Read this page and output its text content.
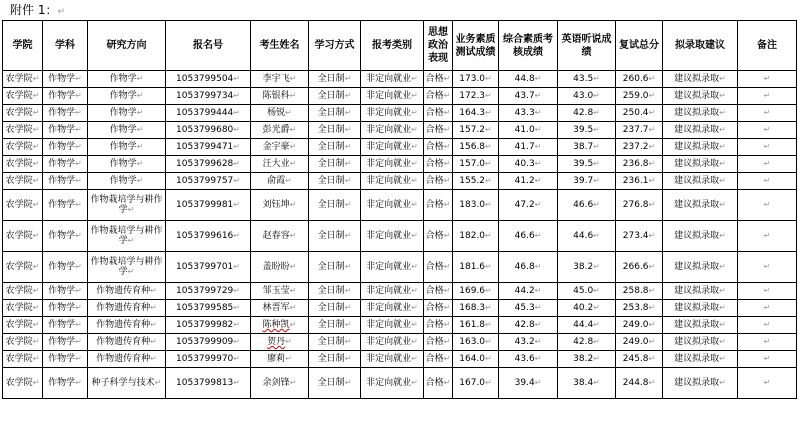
附件 1：↵
学院	学科	研究方向	报名号	考生姓名	学习方式	报考类别	思想政治表现	业务素质测试成绩	综合素质考核成绩	英语听说成绩	复试总分	拟录取建议	备注
农学院↵	作物学↵	作物学↵	1053799504↵	李宇飞↵	全日制↵	非定向就业↵	合格↵	173.0↵	44.8↵	43.5↵	260.6↵	建议拟录取↵	↵
农学院↵	作物学↵	作物学↵	1053799734↵	陈银科↵	全日制↵	非定向就业↵	合格↵	172.3↵	43.7↵	43.0↵	259.0↵	建议拟录取↵	↵
农学院↵	作物学↵	作物学↵	1053799444↵	杨锐↵	全日制↵	非定向就业↵	合格↵	164.3↵	43.3↵	42.8↵	250.4↵	建议拟录取↵	↵
农学院↵	作物学↵	作物学↵	1053799680↵	彭光爵↵	全日制↵	非定向就业↵	合格↵	157.2↵	41.0↵	39.5↵	237.7↵	建议拟录取↵	↵
农学院↵	作物学↵	作物学↵	1053799471↵	金宇豪↵	全日制↵	非定向就业↵	合格↵	156.8↵	41.7↵	38.7↵	237.2↵	建议拟录取↵	↵
农学院↵	作物学↵	作物学↵	1053799628↵	汪大业↵	全日制↵	非定向就业↵	合格↵	157.0↵	40.3↵	39.5↵	236.8↵	建议拟录取↵	↵
农学院↵	作物学↵	作物学↵	1053799757↵	俞霞↵	全日制↵	非定向就业↵	合格↵	155.2↵	41.2↵	39.7↵	236.1↵	建议拟录取↵	↵
农学院↵	作物学↵	作物栽培学与耕作学↵	1053799981↵	刘钰坤↵	全日制↵	非定向就业↵	合格↵	183.0↵	47.2↵	46.6↵	276.8↵	建议拟录取↵	↵
农学院↵	作物学↵	作物栽培学与耕作学↵	1053799616↵	赵春容↵	全日制↵	非定向就业↵	合格↵	182.0↵	46.6↵	44.6↵	273.4↵	建议拟录取↵	↵
农学院↵	作物学↵	作物栽培学与耕作学↵	1053799701↵	盖盼盼↵	全日制↵	非定向就业↵	合格↵	181.6↵	46.8↵	38.2↵	266.6↵	建议拟录取↵	↵
农学院↵	作物学↵	作物遗传育种↵	1053799729↵	邹玉莹↵	全日制↵	非定向就业↵	合格↵	169.6↵	44.2↵	45.0↵	258.8↵	建议拟录取↵	↵
农学院↵	作物学↵	作物遗传育种↵	1053799585↵	林晋军↵	全日制↵	非定向就业↵	合格↵	168.3↵	45.3↵	40.2↵	253.8↵	建议拟录取↵	↵
农学院↵	作物学↵	作物遗传育种↵	1053799982↵	陈种凯↵	全日制↵	非定向就业↵	合格↵	161.8↵	42.8↵	44.4↵	249.0↵	建议拟录取↵	↵
农学院↵	作物学↵	作物遗传育种↵	1053799909↵	贺丹↵	全日制↵	非定向就业↵	合格↵	163.0↵	43.2↵	42.8↵	249.0↵	建议拟录取↵	↵
农学院↵	作物学↵	作物遗传育种↵	1053799970↵	廖莉↵	全日制↵	非定向就业↵	合格↵	164.0↵	43.6↵	38.2↵	245.8↵	建议拟录取↵	↵
农学院↵	作物学↵	种子科学与技术↵	1053799813↵	余剑锋↵	全日制↵	非定向就业↵	合格↵	167.0↵	39.4↵	38.4↵	244.8↵	建议拟录取↵	↵
